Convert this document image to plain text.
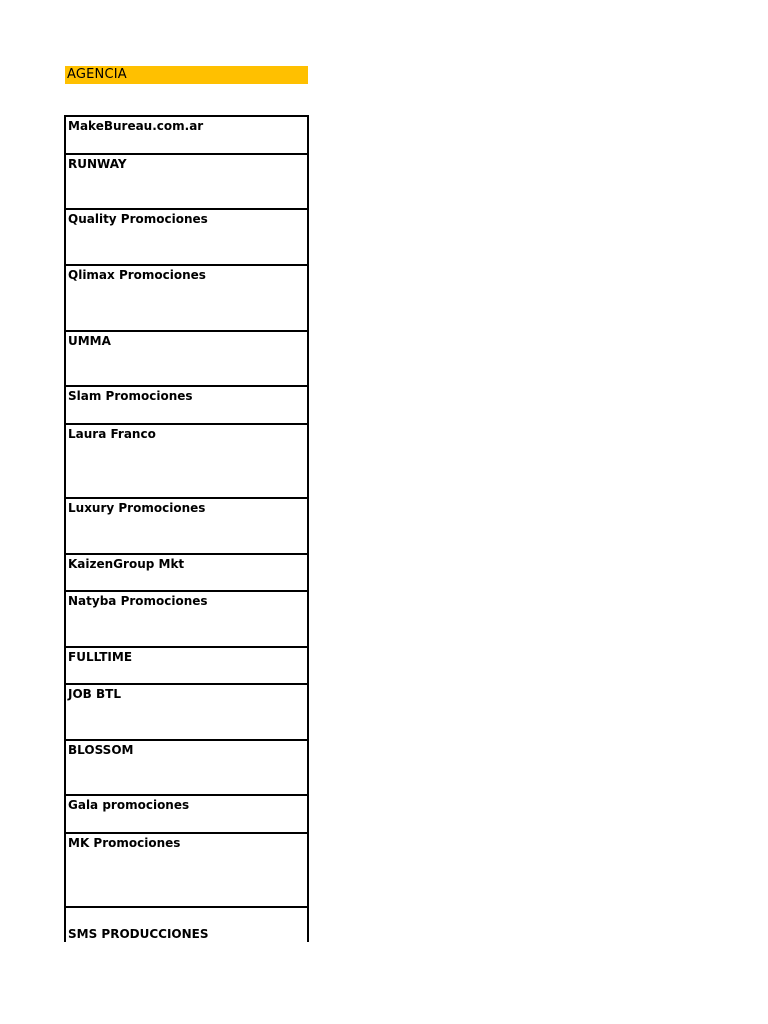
AGENCIA
MakeBureau.com.ar
RUNWAY
Quality Promociones
Qlimax Promociones
UMMA
Slam Promociones
Laura Franco
Luxury Promociones
KaizenGroup Mkt
Natyba Promociones
FULLTIME
JOB BTL
BLOSSOM
Gala promociones
MK Promociones
SMS PRODUCCIONES
